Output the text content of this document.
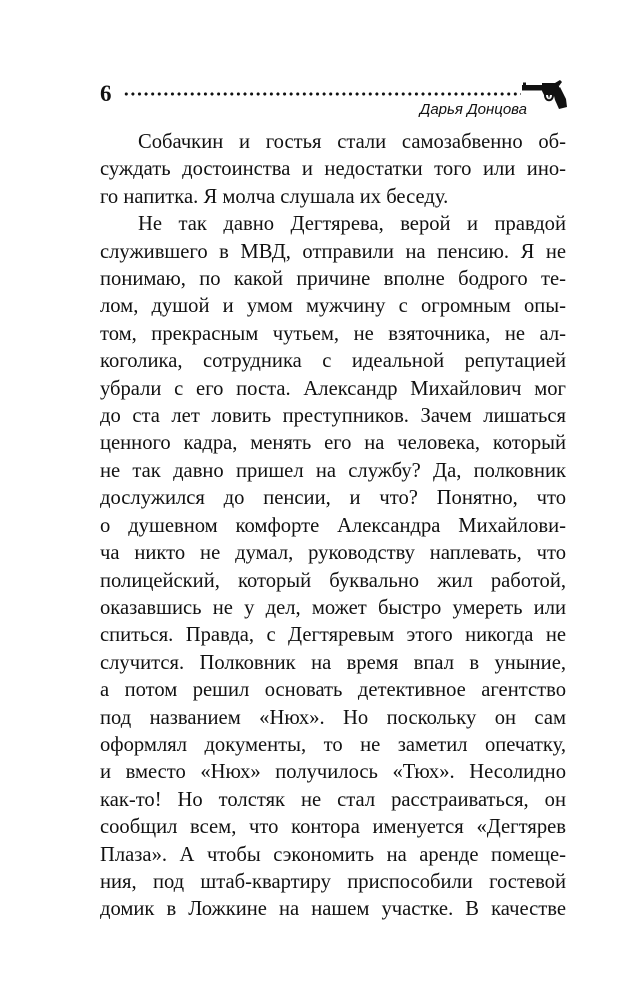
6
Дарья Донцова
Собачкин и гостья стали самозабвенно об-
суждать достоинства и недостатки того или ино-
го напитка. Я молча слушала их беседу.
Не так давно Дегтярева, верой и правдой
служившего в МВД, отправили на пенсию. Я не
понимаю, по какой причине вполне бодрого те-
лом, душой и умом мужчину с огромным опы-
том, прекрасным чутьем, не взяточника, не ал-
коголика, сотрудника с идеальной репутацией
убрали с его поста. Александр Михайлович мог
до ста лет ловить преступников. Зачем лишаться
ценного кадра, менять его на человека, который
не так давно пришел на службу? Да, полковник
дослужился до пенсии, и что? Понятно, что
о душевном комфорте Александра Михайлови-
ча никто не думал, руководству наплевать, что
полицейский, который буквально жил работой,
оказавшись не у дел, может быстро умереть или
спиться. Правда, с Дегтяревым этого никогда не
случится. Полковник на время впал в уныние,
а потом решил основать детективное агентство
под названием «Нюх». Но поскольку он сам
оформлял документы, то не заметил опечатку,
и вместо «Нюх» получилось «Тюх». Несолидно
как-то! Но толстяк не стал расстраиваться, он
сообщил всем, что контора именуется «Дегтярев
Плаза». А чтобы сэкономить на аренде помеще-
ния, под штаб-квартиру приспособили гостевой
домик в Ложкине на нашем участке. В качестве
